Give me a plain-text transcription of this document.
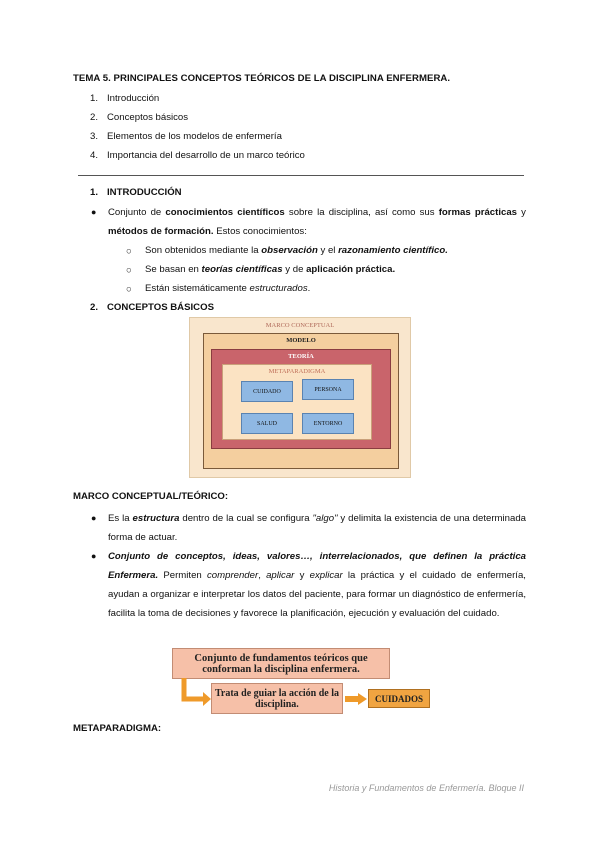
TEMA 5. PRINCIPALES CONCEPTOS TEÓRICOS DE LA DISCIPLINA ENFERMERA.
1. Introducción
2. Conceptos básicos
3. Elementos de los modelos de enfermería
4. Importancia del desarrollo de un marco teórico
1. INTRODUCCIÓN
● Conjunto de conocimientos científicos sobre la disciplina, así como sus formas prácticas y métodos de formación. Estos conocimientos:
○ Son obtenidos mediante la observación y el razonamiento científico.
○ Se basan en teorías científicas y de aplicación práctica.
○ Están sistemáticamente estructurados.
2. CONCEPTOS BÁSICOS
MARCO CONCEPTUAL
MODELO
TEORÍA
METAPARADIGMA
CUIDADO	PERSONA
SALUD	ENTORNO
MARCO CONCEPTUAL/TEÓRICO:
● Es la estructura dentro de la cual se configura "algo" y delimita la existencia de una determinada forma de actuar.
● Conjunto de conceptos, ideas, valores…, interrelacionados, que definen la práctica Enfermera. Permiten comprender, aplicar y explicar la práctica y el cuidado de enfermería, ayudan a organizar e interpretar los datos del paciente, para formar un diagnóstico de enfermería, facilita la toma de decisiones y favorece la planificación, ejecución y evaluación del cuidado.
Conjunto de fundamentos teóricos que conforman la disciplina enfermera.
Trata de guiar la acción de la disciplina.	CUIDADOS
METAPARADIGMA:
Historia y Fundamentos de Enfermería. Bloque II
